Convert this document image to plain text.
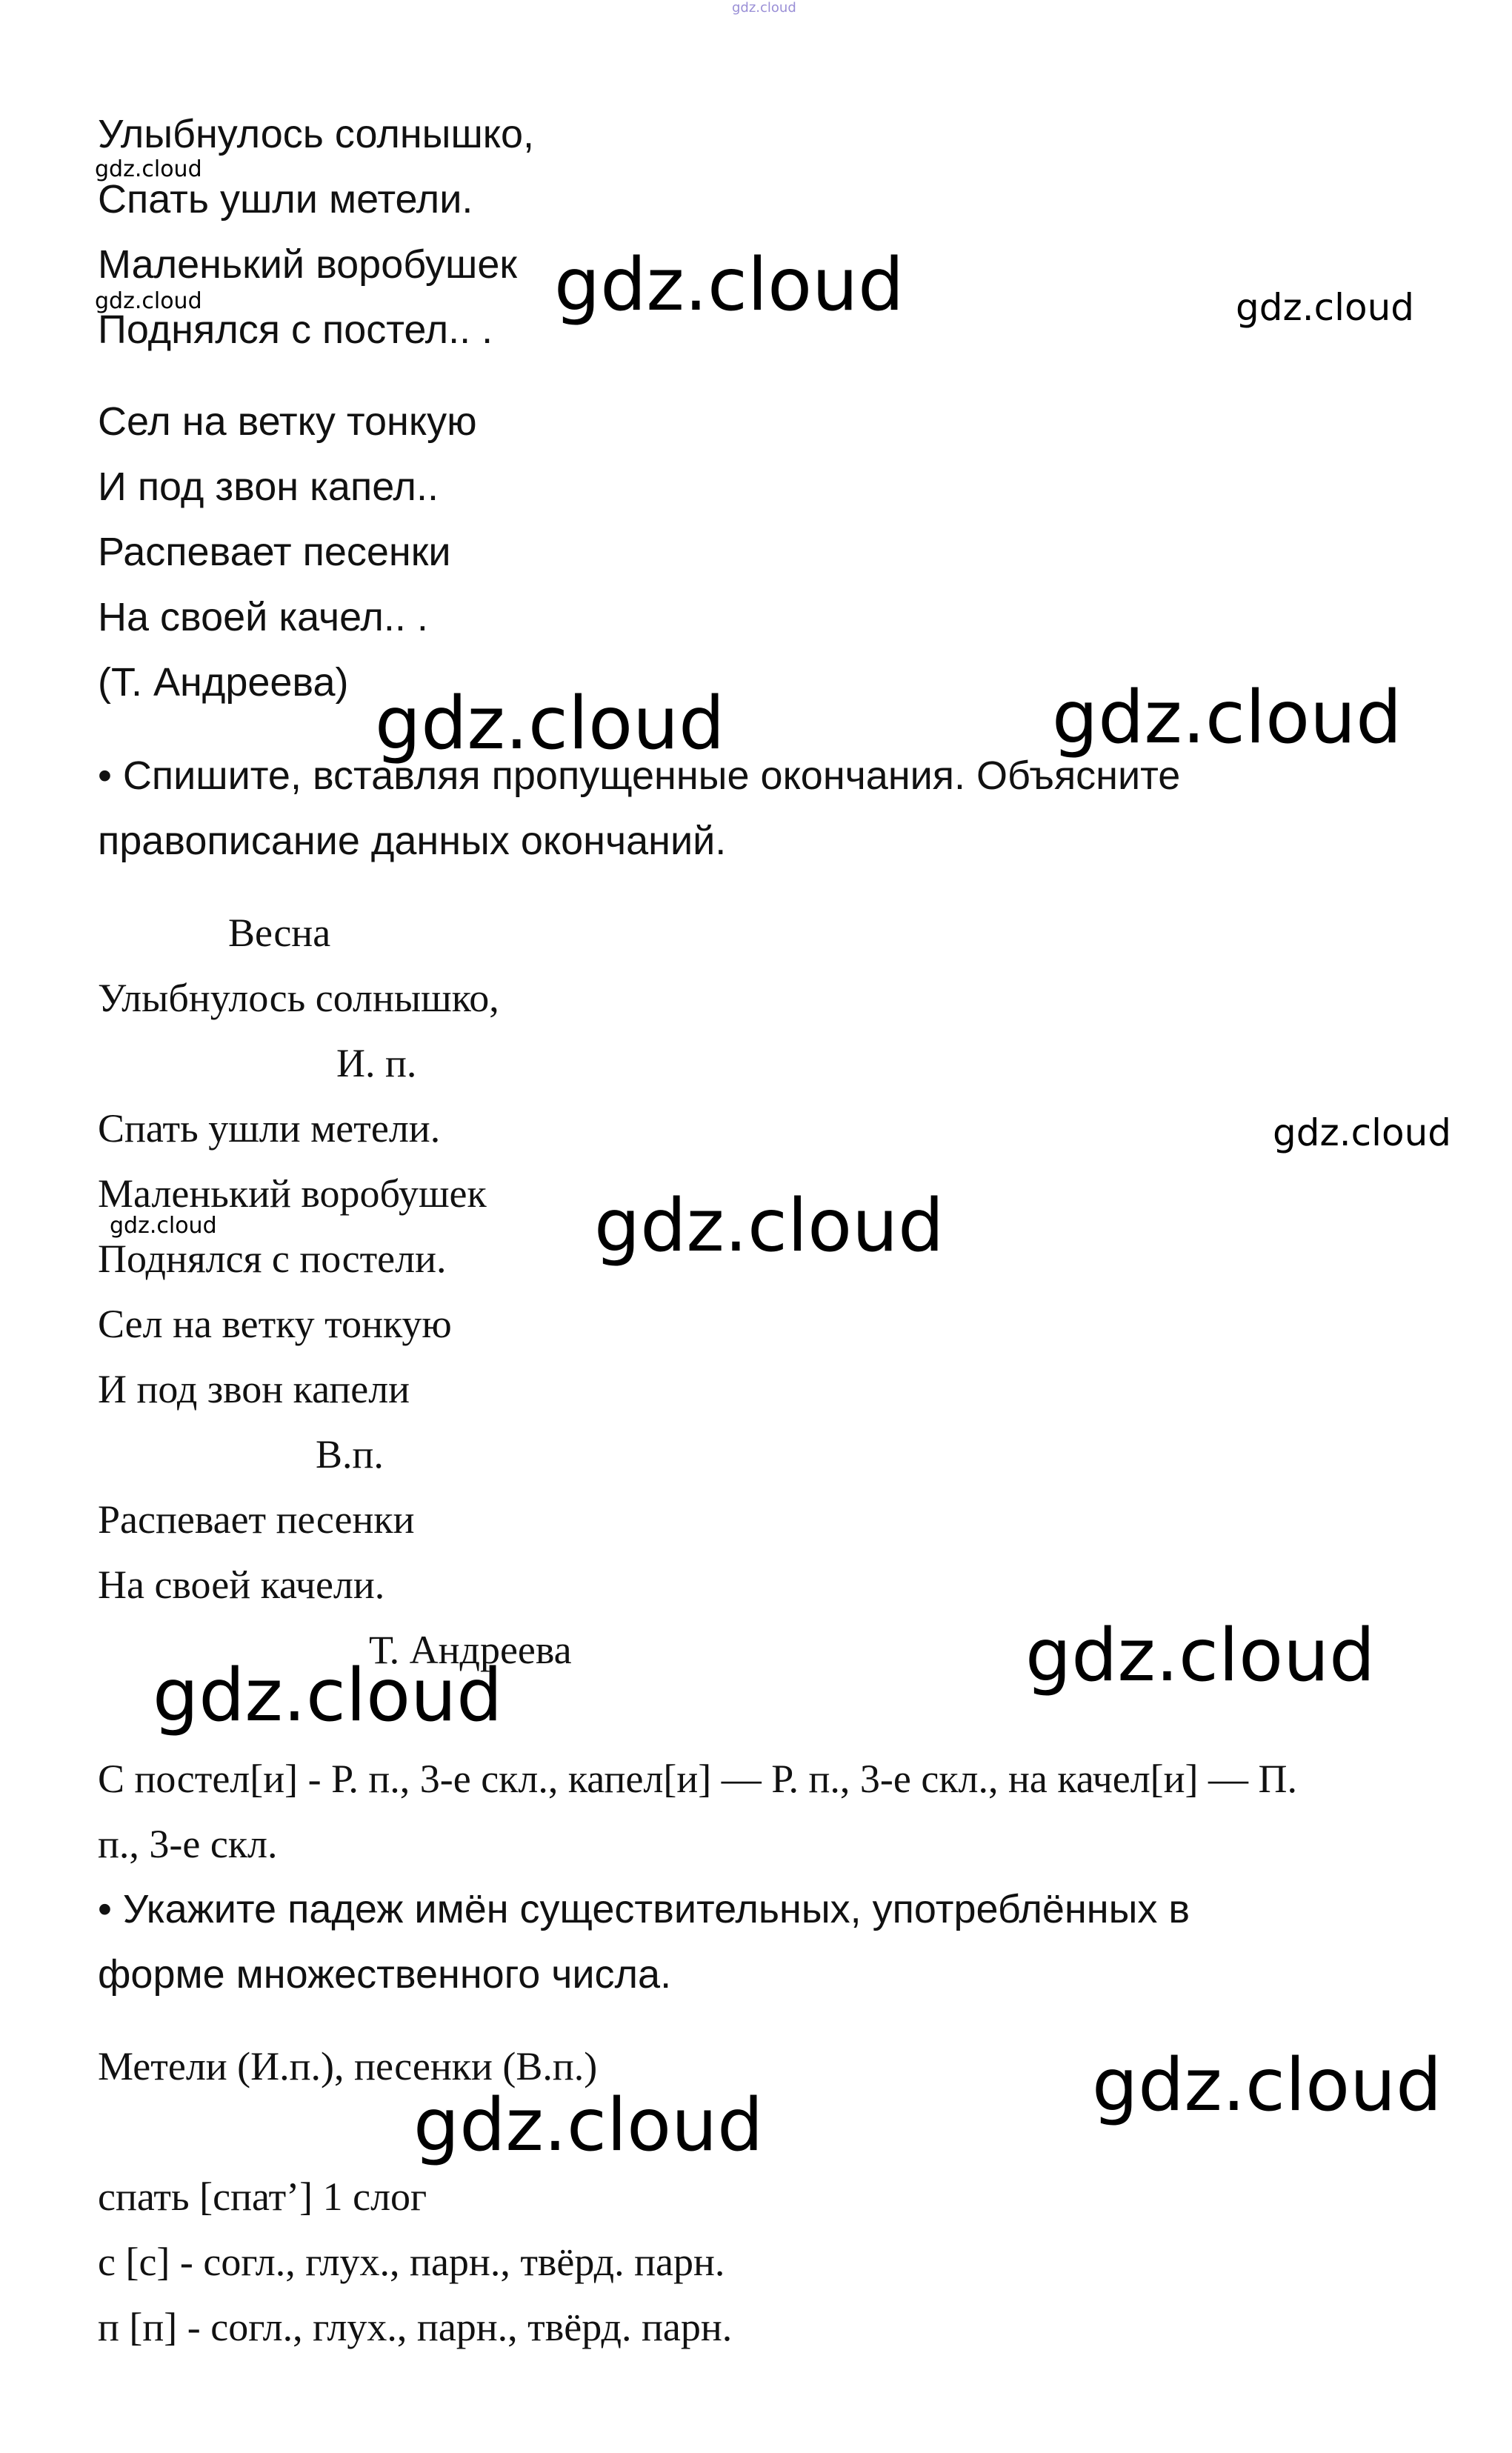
gdz.cloud
Улыбнулось солнышко,
Спать ушли метели.
Маленький воробушек
Поднялся с постел.. .
Сел на ветку тонкую
И под звон капел..
Распевает песенки
На своей качел.. .
(Т. Андреева)
• Спишите, вставляя пропущенные окончания. Объясните
правописание данных окончаний.
Весна
Улыбнулось солнышко,
И. п.
Спать ушли метели.
Маленький воробушек
Поднялся с постели.
Сел на ветку тонкую
И под звон капели
В.п.
Распевает песенки
На своей качели.
Т. Андреева
С постел[и] - Р. п., 3-е скл., капел[и] — Р. п., 3-е скл., на качел[и] — П.
п., 3-е скл.
• Укажите падеж имён существительных, употреблённых в
форме множественного числа.
Метели (И.п.), песенки (В.п.)
спать [спат’] 1 слог
с [с] - согл., глух., парн., твёрд. парн.
п [п] - согл., глух., парн., твёрд. парн.
gdz.cloud
gdz.cloud	gdz.cloud	gdz.cloud
gdz.cloud	gdz.cloud
gdz.cloud	gdz.cloud
gdz.cloud
gdz.cloud
gdz.cloud
gdz.cloud
gdz.cloud
